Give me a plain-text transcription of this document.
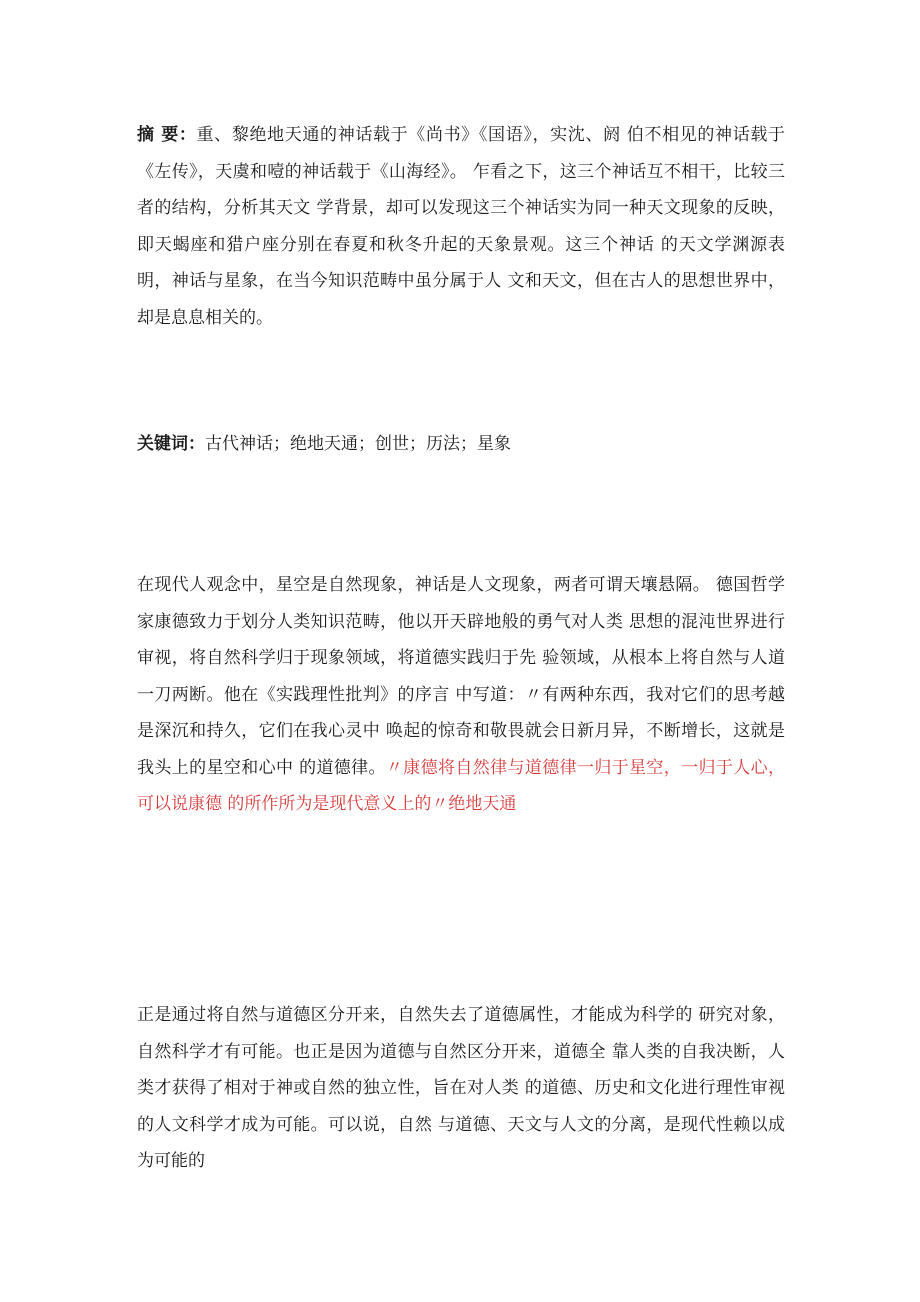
摘 要：重、黎绝地天通的神话载于《尚书》《国语》，实沈、阏 伯不相见的神话载于《左传》，天虞和噎的神话载于《山海经》。 乍看之下，这三个神话互不相干，比较三者的结构，分析其天文 学背景，却可以发现这三个神话实为同一种天文现象的反映，即天蝎座和猎户座分别在春夏和秋冬升起的天象景观。这三个神话 的天文学渊源表明，神话与星象，在当今知识范畴中虽分属于人 文和天文，但在古人的思想世界中，却是息息相关的。
关键词：古代神话；绝地天通；创世；历法；星象
在现代人观念中，星空是自然现象，神话是人文现象，两者可谓天壤悬隔。 德国哲学家康德致力于划分人类知识范畴，他以开天辟地般的勇气对人类 思想的混沌世界进行审视，将自然科学归于现象领域，将道德实践归于先 验领域，从根本上将自然与人道一刀两断。他在《实践理性批判》的序言 中写道：〃有两种东西，我对它们的思考越是深沉和持久，它们在我心灵中 唤起的惊奇和敬畏就会日新月异，不断增长，这就是我头上的星空和心中 的道德律。〃康德将自然律与道德律一归于星空，一归于人心，可以说康德 的所作所为是现代意义上的〃绝地天通
正是通过将自然与道德区分开来，自然失去了道德属性，才能成为科学的 研究对象，自然科学才有可能。也正是因为道德与自然区分开来，道德全 靠人类的自我决断，人类才获得了相对于神或自然的独立性，旨在对人类 的道德、历史和文化进行理性审视的人文科学才成为可能。可以说，自然 与道德、天文与人文的分离，是现代性赖以成为可能的
